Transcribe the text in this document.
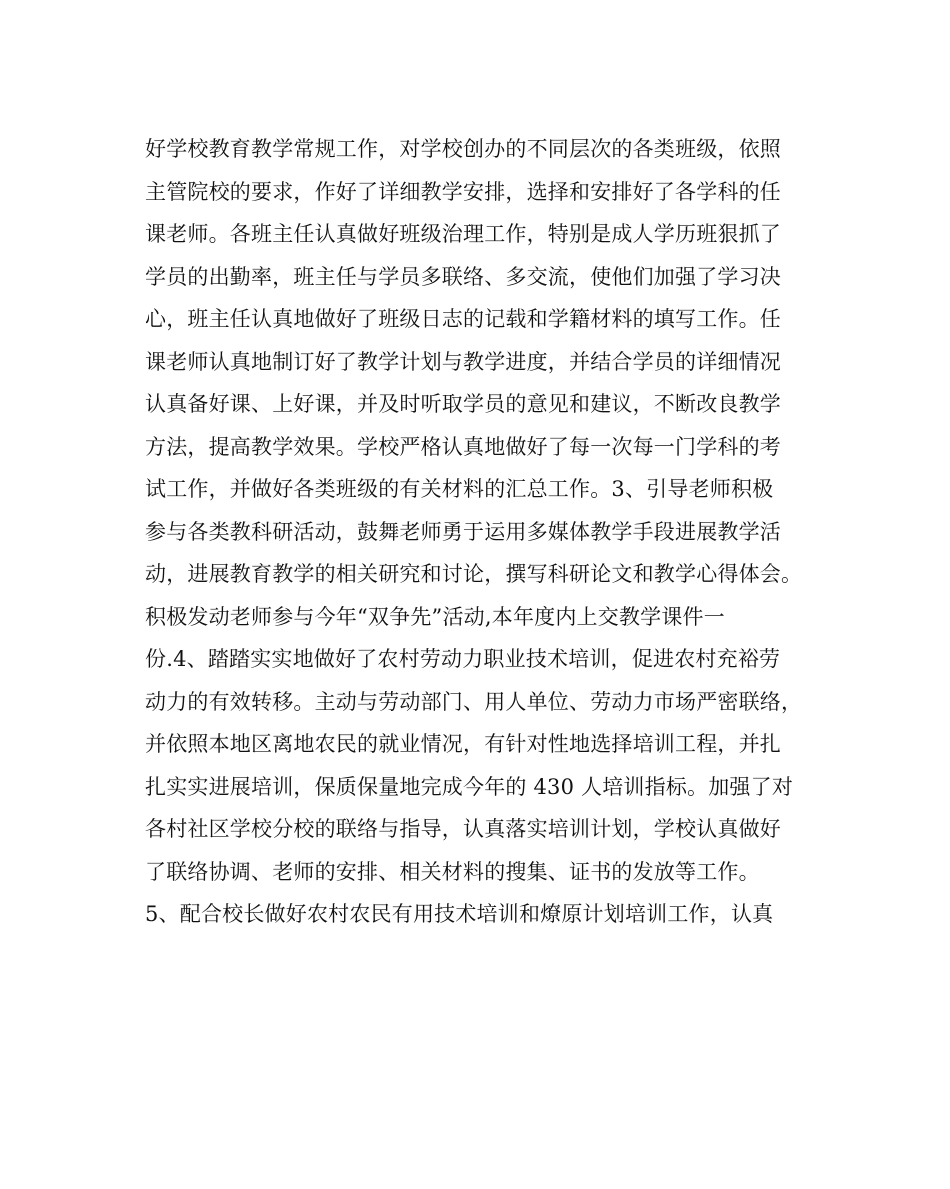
好学校教育教学常规工作，对学校创办的不同层次的各类班级，依照
主管院校的要求，作好了详细教学安排，选择和安排好了各学科的任
课老师。各班主任认真做好班级治理工作，特别是成人学历班狠抓了
学员的出勤率，班主任与学员多联络、多交流，使他们加强了学习决
心，班主任认真地做好了班级日志的记载和学籍材料的填写工作。任
课老师认真地制订好了教学计划与教学进度，并结合学员的详细情况
认真备好课、上好课，并及时听取学员的意见和建议，不断改良教学
方法，提高教学效果。学校严格认真地做好了每一次每一门学科的考
试工作，并做好各类班级的有关材料的汇总工作。3、引导老师积极
参与各类教科研活动，鼓舞老师勇于运用多媒体教学手段进展教学活
动，进展教育教学的相关研究和讨论，撰写科研论文和教学心得体会。
积极发动老师参与今年“双争先”活动,本年度内上交教学课件一
份.4、踏踏实实地做好了农村劳动力职业技术培训，促进农村充裕劳
动力的有效转移。主动与劳动部门、用人单位、劳动力市场严密联络，
并依照本地区离地农民的就业情况，有针对性地选择培训工程，并扎
扎实实进展培训，保质保量地完成今年的 430 人培训指标。加强了对
各村社区学校分校的联络与指导，认真落实培训计划，学校认真做好
了联络协调、老师的安排、相关材料的搜集、证书的发放等工作。
5、配合校长做好农村农民有用技术培训和燎原计划培训工作，认真
